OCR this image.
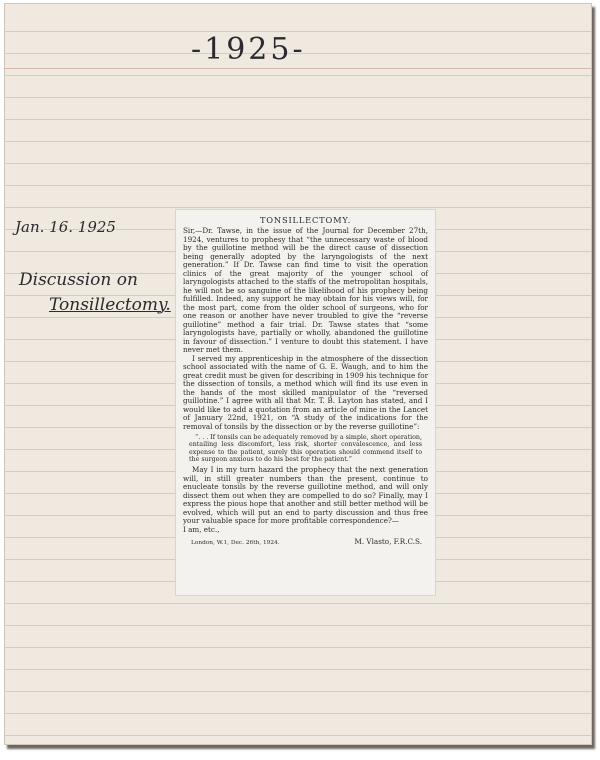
-1925-
Jan. 16. 1925
Discussion on
Tonsillectomy.
TONSILLECTOMY.

Sir,—Dr. Tawse, in the issue of the Journal for December 27th, 1924, ventures to prophesy that “the unnecessary waste of blood by the guillotine method will be the direct cause of dissection being generally adopted by the laryngologists of the next generation.” If Dr. Tawse can find time to visit the operation clinics of the great majority of the younger school of laryngologists attached to the staffs of the metropolitan hospitals, he will not be so sanguine of the likelihood of his prophecy being fulfilled. Indeed, any support he may obtain for his views will, for the most part, come from the older school of surgeons, who for one reason or another have never troubled to give the “reverse guillotine” method a fair trial. Dr. Tawse states that “some laryngologists have, partially or wholly, abandoned the guillotine in favour of dissection.” I venture to doubt this statement. I have never met them.

I served my apprenticeship in the atmosphere of the dissection school associated with the name of G. E. Waugh, and to him the great credit must be given for describing in 1909 his technique for the dissection of tonsils, a method which will find its use even in the hands of the most skilled manipulator of the “reversed guillotine.” I agree with all that Mr. T. B. Layton has stated, and I would like to add a quotation from an article of mine in the Lancet of January 22nd, 1921, on “A study of the indications for the removal of tonsils by the dissection or by the reverse guillotine”:

“. . . If tonsils can be adequately removed by a simple, short operation, entailing less discomfort, less risk, shorter convalescence, and less expense to the patient, surely this operation should commend itself to the surgeon anxious to do his best for the patient.”

May I in my turn hazard the prophecy that the next generation will, in still greater numbers than the present, continue to enucleate tonsils by the reverse guillotine method, and will only dissect them out when they are compelled to do so? Finally, may I express the pious hope that another and still better method will be evolved, which will put an end to party discussion and thus free your valuable space for more profitable correspondence?—

I am, etc.,

London, W.1, Dec. 26th, 1924.	M. Vlasto, F.R.C.S.
